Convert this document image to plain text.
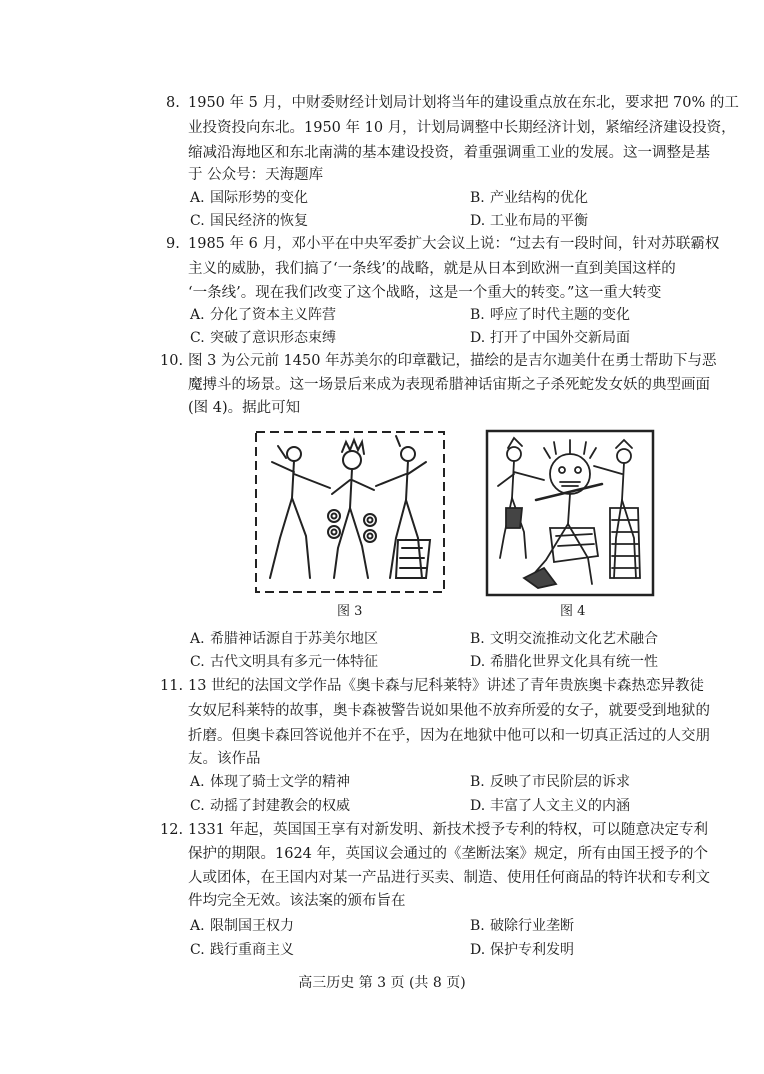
8. 1950 年 5 月，中财委财经计划局计划将当年的建设重点放在东北，要求把 70% 的工
业投资投向东北。1950 年 10 月，计划局调整中长期经济计划，紧缩经济建设投资，
缩减沿海地区和东北南满的基本建设投资，着重强调重工业的发展。这一调整是基
于 公众号：天海题库
A. 国际形势的变化	B. 产业结构的优化
C. 国民经济的恢复	D. 工业布局的平衡
9. 1985 年 6 月，邓小平在中央军委扩大会议上说：“过去有一段时间，针对苏联霸权
主义的威胁，我们搞了‘一条线’的战略，就是从日本到欧洲一直到美国这样的
‘一条线’。现在我们改变了这个战略，这是一个重大的转变。”这一重大转变
A. 分化了资本主义阵营	B. 呼应了时代主题的变化
C. 突破了意识形态束缚	D. 打开了中国外交新局面
10. 图 3 为公元前 1450 年苏美尔的印章戳记，描绘的是吉尔迦美什在勇士帮助下与恶
魔搏斗的场景。这一场景后来成为表现希腊神话宙斯之子杀死蛇发女妖的典型画面
(图 4)。据此可知
图 3	图 4
A. 希腊神话源自于苏美尔地区	B. 文明交流推动文化艺术融合
C. 古代文明具有多元一体特征	D. 希腊化世界文化具有统一性
11. 13 世纪的法国文学作品《奥卡森与尼科莱特》讲述了青年贵族奥卡森热恋异教徒
女奴尼科莱特的故事，奥卡森被警告说如果他不放弃所爱的女子，就要受到地狱的
折磨。但奥卡森回答说他并不在乎，因为在地狱中他可以和一切真正活过的人交朋
友。该作品
A. 体现了骑士文学的精神	B. 反映了市民阶层的诉求
C. 动摇了封建教会的权威	D. 丰富了人文主义的内涵
12. 1331 年起，英国国王享有对新发明、新技术授予专利的特权，可以随意决定专利
保护的期限。1624 年，英国议会通过的《垄断法案》规定，所有由国王授予的个
人或团体，在王国内对某一产品进行买卖、制造、使用任何商品的特许状和专利文
件均完全无效。该法案的颁布旨在
A. 限制国王权力	B. 破除行业垄断
C. 践行重商主义	D. 保护专利发明
高三历史 第 3 页 (共 8 页)
